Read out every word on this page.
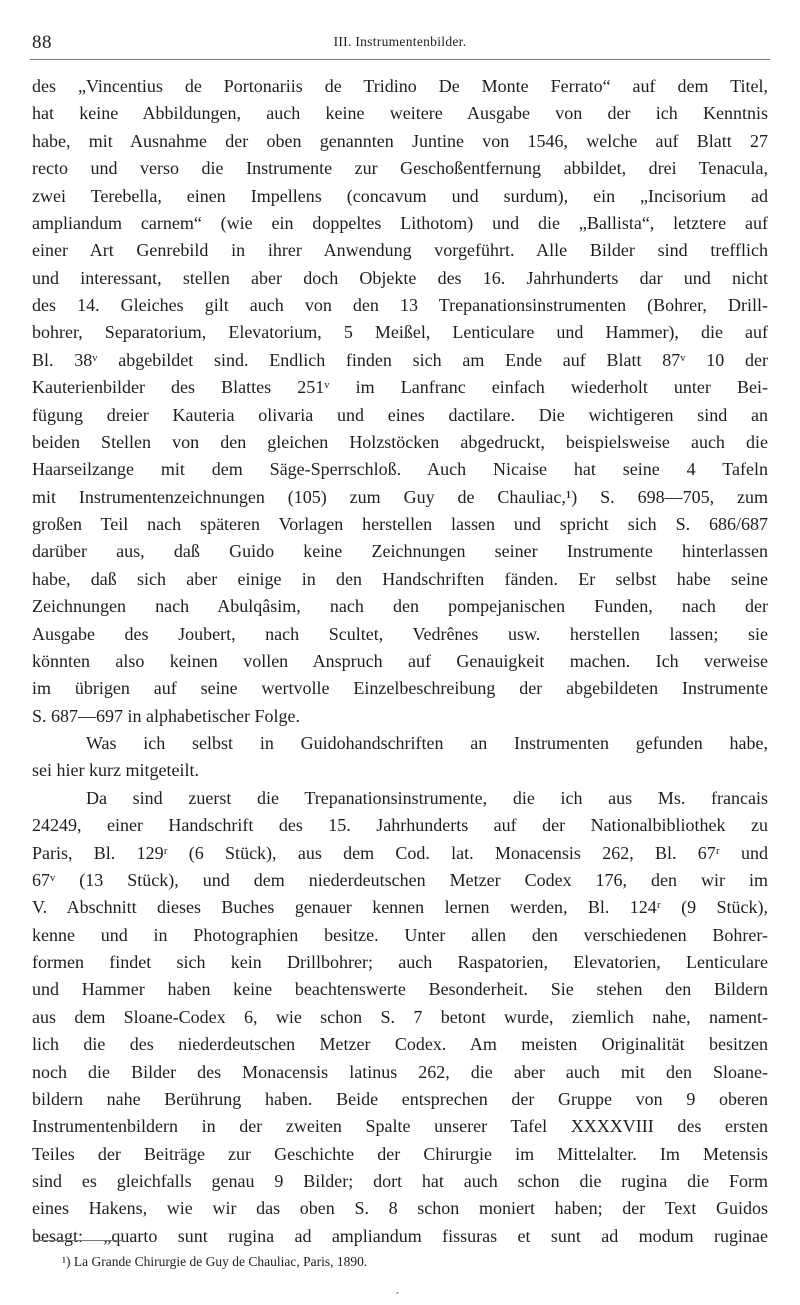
88	III. Instrumentenbilder.
des „Vincentius de Portonariis de Tridino De Monte Ferrato“ auf dem Titel,
hat keine Abbildungen, auch keine weitere Ausgabe von der ich Kenntnis
habe, mit Ausnahme der oben genannten Juntine von 1546, welche auf Blatt 27
recto und verso die Instrumente zur Geschoßentfernung abbildet, drei Tenacula,
zwei Terebella, einen Impellens (concavum und surdum), ein „Incisorium ad
ampliandum carnem“ (wie ein doppeltes Lithotom) und die „Ballista“, letztere auf
einer Art Genrebild in ihrer Anwendung vorgeführt. Alle Bilder sind trefflich
und interessant, stellen aber doch Objekte des 16. Jahrhunderts dar und nicht
des 14. Gleiches gilt auch von den 13 Trepanationsinstrumenten (Bohrer, Drill-
bohrer, Separatorium, Elevatorium, 5 Meißel, Lenticulare und Hammer), die auf
Bl. 38ᵛ abgebildet sind. Endlich finden sich am Ende auf Blatt 87ᵛ 10 der
Kauterienbilder des Blattes 251ᵛ im Lanfranc einfach wiederholt unter Bei-
fügung dreier Kauteria olivaria und eines dactilare. Die wichtigeren sind an
beiden Stellen von den gleichen Holzstöcken abgedruckt, beispielsweise auch die
Haarseilzange mit dem Säge-Sperrschloß. Auch Nicaise hat seine 4 Tafeln
mit Instrumentenzeichnungen (105) zum Guy de Chauliac,¹) S. 698—705, zum
großen Teil nach späteren Vorlagen herstellen lassen und spricht sich S. 686/687
darüber aus, daß Guido keine Zeichnungen seiner Instrumente hinterlassen
habe, daß sich aber einige in den Handschriften fänden. Er selbst habe seine
Zeichnungen nach Abulqâsim, nach den pompejanischen Funden, nach der
Ausgabe des Joubert, nach Scultet, Vedrênes usw. herstellen lassen; sie
könnten also keinen vollen Anspruch auf Genauigkeit machen. Ich verweise
im übrigen auf seine wertvolle Einzelbeschreibung der abgebildeten Instrumente
S. 687—697 in alphabetischer Folge.
Was ich selbst in Guidohandschriften an Instrumenten gefunden habe,
sei hier kurz mitgeteilt.
Da sind zuerst die Trepanationsinstrumente, die ich aus Ms. francais
24249, einer Handschrift des 15. Jahrhunderts auf der Nationalbibliothek zu
Paris, Bl. 129ʳ (6 Stück), aus dem Cod. lat. Monacensis 262, Bl. 67ʳ und
67ᵛ (13 Stück), und dem niederdeutschen Metzer Codex 176, den wir im
V. Abschnitt dieses Buches genauer kennen lernen werden, Bl. 124ʳ (9 Stück),
kenne und in Photographien besitze. Unter allen den verschiedenen Bohrer-
formen findet sich kein Drillbohrer; auch Raspatorien, Elevatorien, Lenticulare
und Hammer haben keine beachtenswerte Besonderheit. Sie stehen den Bildern
aus dem Sloane-Codex 6, wie schon S. 7 betont wurde, ziemlich nahe, nament-
lich die des niederdeutschen Metzer Codex. Am meisten Originalität besitzen
noch die Bilder des Monacensis latinus 262, die aber auch mit den Sloane-
bildern nahe Berührung haben. Beide entsprechen der Gruppe von 9 oberen
Instrumentenbildern in der zweiten Spalte unserer Tafel XXXXVIII des ersten
Teiles der Beiträge zur Geschichte der Chirurgie im Mittelalter. Im Metensis
sind es gleichfalls genau 9 Bilder; dort hat auch schon die rugina die Form
eines Hakens, wie wir das oben S. 8 schon moniert haben; der Text Guidos
besagt: „quarto sunt rugina ad ampliandum fissuras et sunt ad modum ruginae
¹) La Grande Chirurgie de Guy de Chauliac, Paris, 1890.
•
